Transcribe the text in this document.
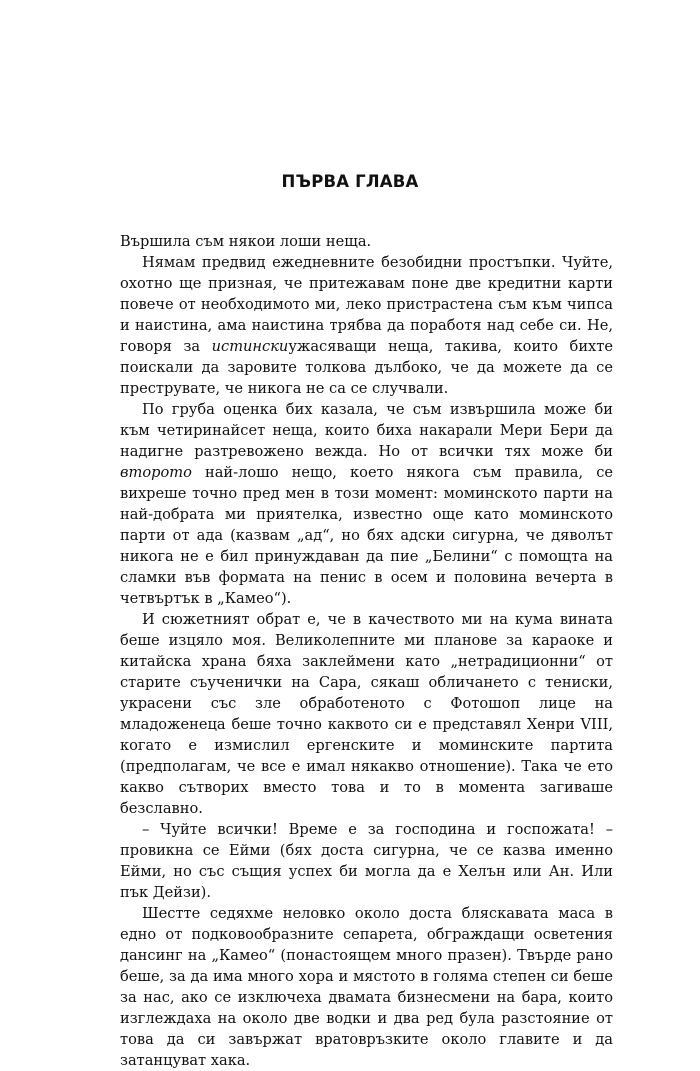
ПЪРВА ГЛАВА

Вършила съм някои лоши неща.

Нямам предвид ежедневните безобидни простъпки. Чуйте, охотно ще призная, че притежавам поне две кредитни карти повече от необходимото ми, леко пристрастена съм към чипса и наистина, ама наистина трябва да поработя над себе си. Не, говоря за истинскиужасяващи неща, такива, които бихте поискали да заровите толкова дълбоко, че да можете да се преструвате, че никога не са се случвали.

По груба оценка бих казала, че съм извършила може би към четиринайсет неща, които биха накарали Мери Бери да надигне разтревожено вежда. Но от всички тях може би второто най-лошо нещо, което някога съм правила, се вихреше точно пред мен в този момент: моминското парти на най-добрата ми приятелка, известно още като моминското парти от ада (казвам „ад“, но бях адски сигурна, че дяволът никога не е бил принуждаван да пие „Белини“ с помощта на сламки във формата на пенис в осем и половина вечерта в четвъртък в „Камео“).

И сюжетният обрат е, че в качеството ми на кума вината беше изцяло моя. Великолепните ми планове за караоке и китайска храна бяха заклеймени като „нетрадиционни“ от старите съученички на Сара, сякаш обличането с тениски, украсени със зле обработеното с Фотошоп лице на младоженеца беше точно каквото си е представял Хенри VIII, когато е измислил ергенските и моминските партита (предполагам, че все е имал някакво отношение). Така че ето какво сътворих вместо това и то в момента загиваше безславно.

– Чуйте всички! Време е за господина и госпожата! – провикна се Ейми (бях доста сигурна, че се казва именно Ейми, но със същия успех би могла да е Хелън или Ан. Или пък Дейзи).

Шестте седяхме неловко около доста бляскавата маса в едно от подковообразните сепарета, обграждащи осветения дансинг на „Камео“ (понастоящем много празен). Твърде рано беше, за да има много хора и мястото в голяма степен си беше за нас, ако се изключеха двамата бизнесмени на бара, които изглеждаха на около две водки и два ред була разстояние от това да си завържат вратовръзките около главите и да затанцуват хака.
